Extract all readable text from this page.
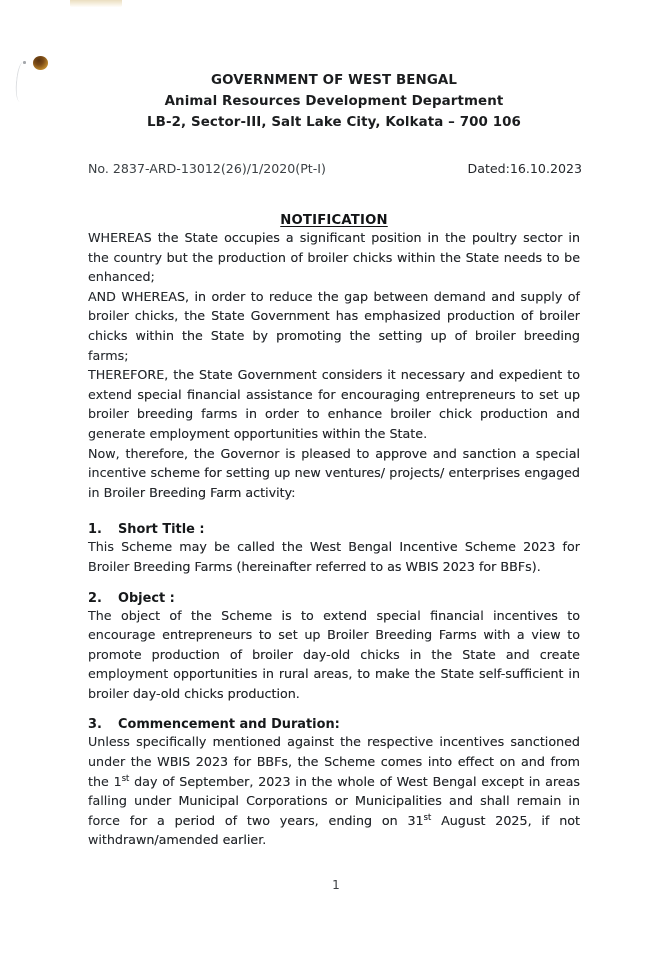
GOVERNMENT OF WEST BENGAL
Animal Resources Development Department
LB-2, Sector-III, Salt Lake City, Kolkata – 700 106
No. 2837-ARD-13012(26)/1/2020(Pt-I)	Dated:16.10.2023
NOTIFICATION

WHEREAS the State occupies a significant position in the poultry sector in the country but the production of broiler chicks within the State needs to be enhanced;

AND WHEREAS, in order to reduce the gap between demand and supply of broiler chicks, the State Government has emphasized production of broiler chicks within the State by promoting the setting up of broiler breeding farms;

THEREFORE, the State Government considers it necessary and expedient to extend special financial assistance for encouraging entrepreneurs to set up broiler breeding farms in order to enhance broiler chick production and generate employment opportunities within the State.

Now, therefore, the Governor is pleased to approve and sanction a special incentive scheme for setting up new ventures/ projects/ enterprises engaged in Broiler Breeding Farm activity:

1.	Short Title :

This Scheme may be called the West Bengal Incentive Scheme 2023 for Broiler Breeding Farms (hereinafter referred to as WBIS 2023 for BBFs).

2.	Object :

The object of the Scheme is to extend special financial incentives to encourage entrepreneurs to set up Broiler Breeding Farms with a view to promote production of broiler day-old chicks in the State and create employment opportunities in rural areas, to make the State self-sufficient in broiler day-old chicks production.

3.	Commencement and Duration:

Unless specifically mentioned against the respective incentives sanctioned under the WBIS 2023 for BBFs, the Scheme comes into effect on and from the 1st day of September, 2023 in the whole of West Bengal except in areas falling under Municipal Corporations or Municipalities and shall remain in force for a period of two years, ending on 31st August 2025, if not withdrawn/amended earlier.

1
